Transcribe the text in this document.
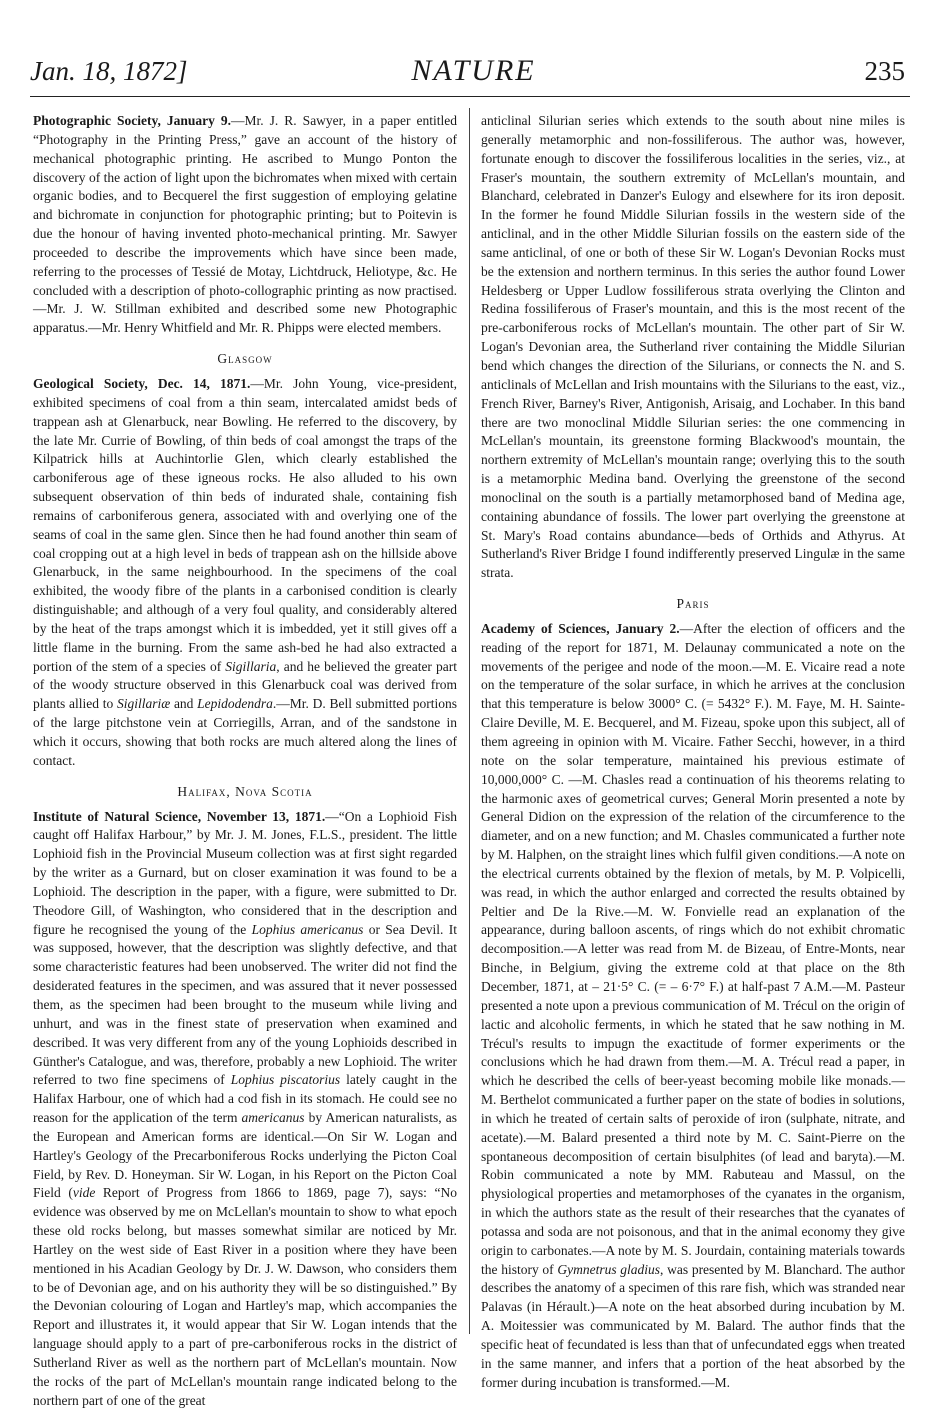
Jan. 18, 1872]	NATURE	235

Photographic Society, January 9.—Mr. J. R. Sawyer, in a paper entitled “Photography in the Printing Press,” gave an account of the history of mechanical photographic printing. He ascribed to Mungo Ponton the discovery of the action of light upon the bichromates when mixed with certain organic bodies, and to Becquerel the first suggestion of employing gelatine and bichromate in conjunction for photographic printing; but to Poitevin is due the honour of having invented photo-mechanical printing. Mr. Sawyer proceeded to describe the improvements which have since been made, referring to the processes of Tessié de Motay, Lichtdruck, Heliotype, &c. He concluded with a description of photo-collographic printing as now practised.—Mr. J. W. Stillman exhibited and described some new Photographic apparatus.—Mr. Henry Whitfield and Mr. R. Phipps were elected members.

Glasgow

Geological Society, Dec. 14, 1871.—Mr. John Young, vice-president, exhibited specimens of coal from a thin seam, intercalated amidst beds of trappean ash at Glenarbuck, near Bowling. He referred to the discovery, by the late Mr. Currie of Bowling, of thin beds of coal amongst the traps of the Kilpatrick hills at Auchintorlie Glen, which clearly established the carboniferous age of these igneous rocks. He also alluded to his own subsequent observation of thin beds of indurated shale, containing fish remains of carboniferous genera, associated with and overlying one of the seams of coal in the same glen. Since then he had found another thin seam of coal cropping out at a high level in beds of trappean ash on the hillside above Glenarbuck, in the same neighbourhood. In the specimens of the coal exhibited, the woody fibre of the plants in a carbonised condition is clearly distinguishable; and although of a very foul quality, and considerably altered by the heat of the traps amongst which it is imbedded, yet it still gives off a little flame in the burning. From the same ash-bed he had also extracted a portion of the stem of a species of Sigillaria, and he believed the greater part of the woody structure observed in this Glenarbuck coal was derived from plants allied to Sigillariæ and Lepidodendra.—Mr. D. Bell submitted portions of the large pitchstone vein at Corriegills, Arran, and of the sandstone in which it occurs, showing that both rocks are much altered along the lines of contact.

Halifax, Nova Scotia

Institute of Natural Science, November 13, 1871.—“On a Lophioid Fish caught off Halifax Harbour,” by Mr. J. M. Jones, F.L.S., president. The little Lophioid fish in the Provincial Museum collection was at first sight regarded by the writer as a Gurnard, but on closer examination it was found to be a Lophioid. The description in the paper, with a figure, were submitted to Dr. Theodore Gill, of Washington, who considered that in the description and figure he recognised the young of the Lophius americanus or Sea Devil. It was supposed, however, that the description was slightly defective, and that some characteristic features had been unobserved. The writer did not find the desiderated features in the specimen, and was assured that it never possessed them, as the specimen had been brought to the museum while living and unhurt, and was in the finest state of preservation when examined and described. It was very different from any of the young Lophioids described in Günther's Catalogue, and was, therefore, probably a new Lophioid. The writer referred to two fine specimens of Lophius piscatorius lately caught in the Halifax Harbour, one of which had a cod fish in its stomach. He could see no reason for the application of the term americanus by American naturalists, as the European and American forms are identical.—On Sir W. Logan and Hartley's Geology of the Precarboniferous Rocks underlying the Picton Coal Field, by Rev. D. Honeyman. Sir W. Logan, in his Report on the Picton Coal Field (vide Report of Progress from 1866 to 1869, page 7), says: “No evidence was observed by me on McLellan's mountain to show to what epoch these old rocks belong, but masses somewhat similar are noticed by Mr. Hartley on the west side of East River in a position where they have been mentioned in his Acadian Geology by Dr. J. W. Dawson, who considers them to be of Devonian age, and on his authority they will be so distinguished.” By the Devonian colouring of Logan and Hartley's map, which accompanies the Report and illustrates it, it would appear that Sir W. Logan intends that the language should apply to a part of pre-carboniferous rocks in the district of Sutherland River as well as the northern part of McLellan's mountain. Now the rocks of the part of McLellan's mountain range indicated belong to the northern part of one of the great

anticlinal Silurian series which extends to the south about nine miles is generally metamorphic and non-fossiliferous. The author was, however, fortunate enough to discover the fossiliferous localities in the series, viz., at Fraser's mountain, the southern extremity of McLellan's mountain, and Blanchard, celebrated in Danzer's Eulogy and elsewhere for its iron deposit. In the former he found Middle Silurian fossils in the western side of the anticlinal, and in the other Middle Silurian fossils on the eastern side of the same anticlinal, of one or both of these Sir W. Logan's Devonian Rocks must be the extension and northern terminus. In this series the author found Lower Heldesberg or Upper Ludlow fossiliferous strata overlying the Clinton and Redina fossiliferous of Fraser's mountain, and this is the most recent of the pre-carboniferous rocks of McLellan's mountain. The other part of Sir W. Logan's Devonian area, the Sutherland river containing the Middle Silurian bend which changes the direction of the Silurians, or connects the N. and S. anticlinals of McLellan and Irish mountains with the Silurians to the east, viz., French River, Barney's River, Antigonish, Arisaig, and Lochaber. In this band there are two monoclinal Middle Silurian series: the one commencing in McLellan's mountain, its greenstone forming Blackwood's mountain, the northern extremity of McLellan's mountain range; overlying this to the south is a metamorphic Medina band. Overlying the greenstone of the second monoclinal on the south is a partially metamorphosed band of Medina age, containing abundance of fossils. The lower part overlying the greenstone at St. Mary's Road contains abundance—beds of Orthids and Athyrus. At Sutherland's River Bridge I found indifferently preserved Lingulæ in the same strata.

Paris

Academy of Sciences, January 2.—After the election of officers and the reading of the report for 1871, M. Delaunay communicated a note on the movements of the perigee and node of the moon.—M. E. Vicaire read a note on the temperature of the solar surface, in which he arrives at the conclusion that this temperature is below 3000° C. (= 5432° F.). M. Faye, M. H. Sainte-Claire Deville, M. E. Becquerel, and M. Fizeau, spoke upon this subject, all of them agreeing in opinion with M. Vicaire. Father Secchi, however, in a third note on the solar temperature, maintained his previous estimate of 10,000,000° C. —M. Chasles read a continuation of his theorems relating to the harmonic axes of geometrical curves; General Morin presented a note by General Didion on the expression of the relation of the circumference to the diameter, and on a new function; and M. Chasles communicated a further note by M. Halphen, on the straight lines which fulfil given conditions.—A note on the electrical currents obtained by the flexion of metals, by M. P. Volpicelli, was read, in which the author enlarged and corrected the results obtained by Peltier and De la Rive.—M. W. Fonvielle read an explanation of the appearance, during balloon ascents, of rings which do not exhibit chromatic decomposition.—A letter was read from M. de Bizeau, of Entre-Monts, near Binche, in Belgium, giving the extreme cold at that place on the 8th December, 1871, at – 21·5° C. (= – 6·7° F.) at half-past 7 A.M.—M. Pasteur presented a note upon a previous communication of M. Trécul on the origin of lactic and alcoholic ferments, in which he stated that he saw nothing in M. Trécul's results to impugn the exactitude of former experiments or the conclusions which he had drawn from them.—M. A. Trécul read a paper, in which he described the cells of beer-yeast becoming mobile like monads.—M. Berthelot communicated a further paper on the state of bodies in solutions, in which he treated of certain salts of peroxide of iron (sulphate, nitrate, and acetate).—M. Balard presented a third note by M. C. Saint-Pierre on the spontaneous decomposition of certain bisulphites (of lead and baryta).—M. Robin communicated a note by MM. Rabuteau and Massul, on the physiological properties and metamorphoses of the cyanates in the organism, in which the authors state as the result of their researches that the cyanates of potassa and soda are not poisonous, and that in the animal economy they give origin to carbonates.—A note by M. S. Jourdain, containing materials towards the history of Gymnetrus gladius, was presented by M. Blanchard. The author describes the anatomy of a specimen of this rare fish, which was stranded near Palavas (in Hérault.)—A note on the heat absorbed during incubation by M. A. Moitessier was communicated by M. Balard. The author finds that the specific heat of fecundated is less than that of unfecundated eggs when treated in the same manner, and infers that a portion of the heat absorbed by the former during incubation is transformed.—M.
